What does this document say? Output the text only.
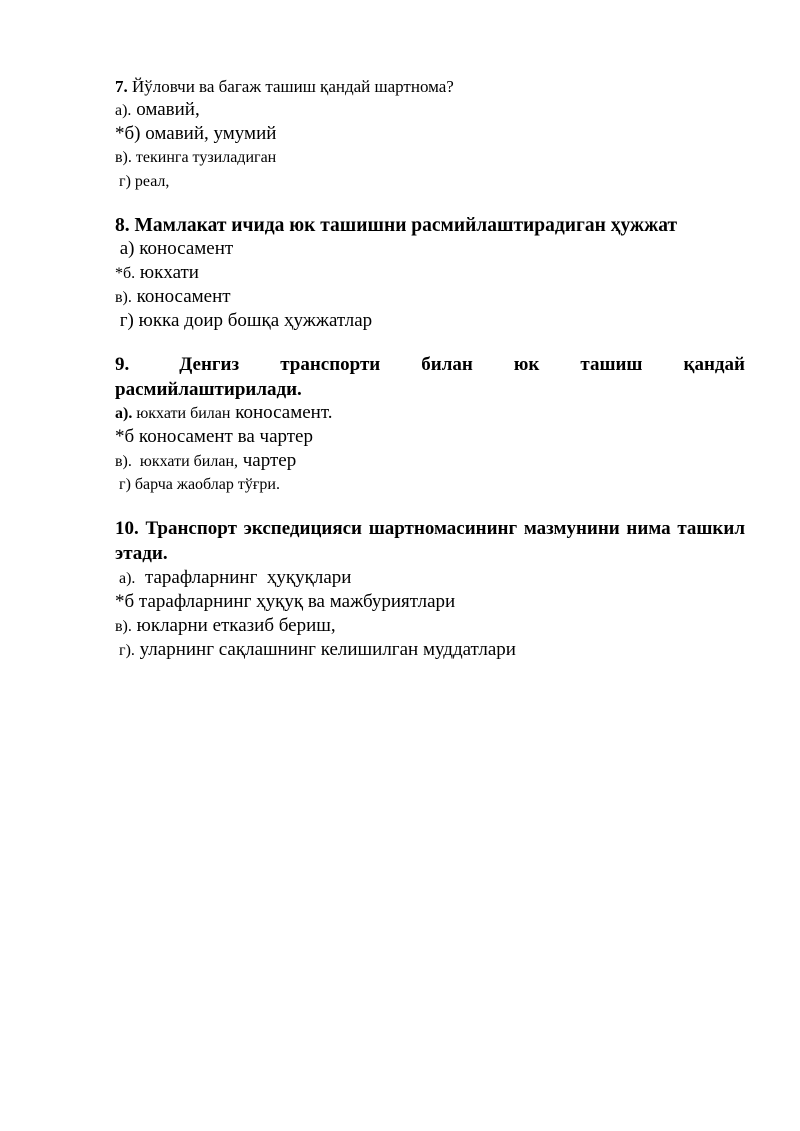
7. Йўловчи ва багаж ташиш қандай шартнома?
а). омавий,
*б) омавий, умумий
в). текинга тузиладиган
г) реал,
8. Мамлакат ичида юк ташишни расмийлаштирадиган ҳужжат
а) коносамент
*б. юкхати
в). коносамент
г) юкка доир бошқа ҳужжатлар
9.	Денгиз транспорти билан юк ташиш қандай
расмийлаштирилади.
а). юкхати билан коносамент.
*б коносамент ва чартер
в).  юкхати билан, чартер
г) барча жаоблар тўғри.
10. Транспорт экспедицияси шартномасининг мазмунини нима ташкил этади.
а).  тарафларнинг  ҳуқуқлари
*б тарафларнинг ҳуқуқ ва мажбуриятлари
в). юкларни етказиб бериш,
г). уларнинг сақлашнинг келишилган муддатлари
